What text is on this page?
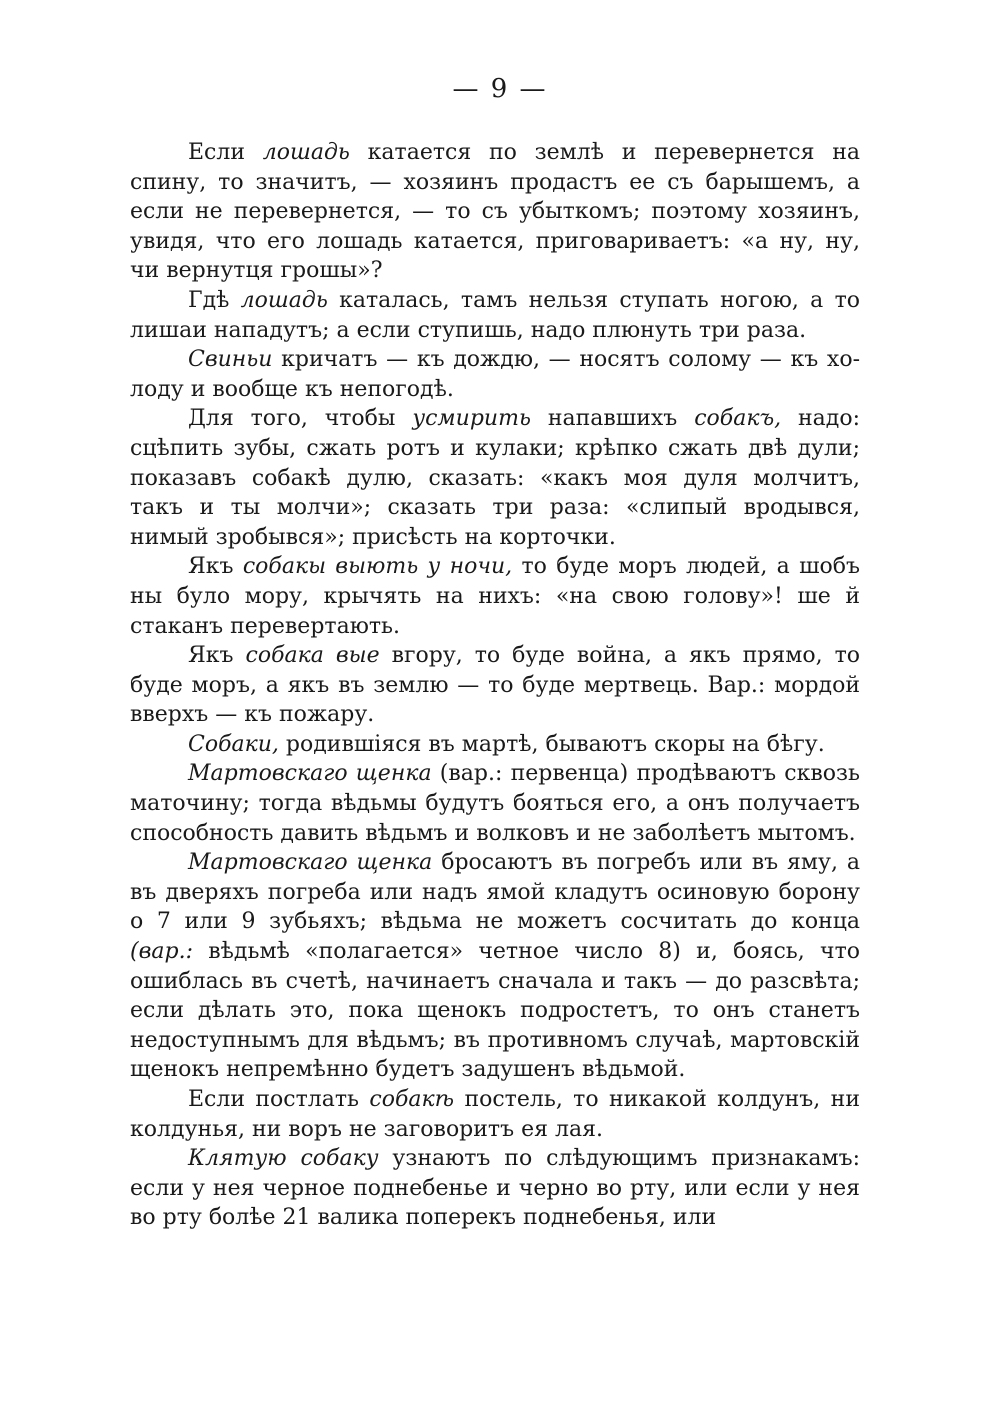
— 9 —

Если лошадь катается по землѣ и перевернется на спину, то значитъ, — хозяинъ продастъ ее съ барышемъ, а если не перевернется, — то съ убыткомъ; поэтому хозяинъ, увидя, что его лошадь катается, приговариваетъ: «а ну, ну, чи вернутця грошы»?

Гдѣ лошадь каталась, тамъ нельзя ступать ногою, а то лишаи нападутъ; а если ступишь, надо плюнуть три раза.

Свиньи кричатъ — къ дождю, — носятъ солому — къ холоду и вообще къ непогодѣ.

Для того, чтобы усмирить напавшихъ собакъ, надо: сцѣпить зубы, сжать ротъ и кулаки; крѣпко сжать двѣ дули; показавъ собакѣ дулю, сказать: «какъ моя дуля молчитъ, такъ и ты молчи»; сказать три раза: «слипый вродывся, нимый зробывся»; присѣсть на корточки.

Якъ собакы выють у ночи, то буде моръ людей, а шобъ ны було мору, крычять на нихъ: «на свою голову»! ше й стаканъ перевертають.

Якъ собака вые вгору, то буде война, а якъ прямо, то буде моръ, а якъ въ землю — то буде мертвець. Вар.: мордой вверхъ — къ пожару.

Собаки, родившiяся въ мартѣ, бываютъ скоры на бѣгу.

Мартовскаго щенка (вар.: первенца) продѣваютъ сквозь маточину; тогда вѣдьмы будутъ бояться его, а онъ получаетъ способность давить вѣдьмъ и волковъ и не заболѣетъ мытомъ.

Мартовскаго щенка бросаютъ въ погребъ или въ яму, а въ дверяхъ погреба или надъ ямой кладутъ осиновую борону о 7 или 9 зубьяхъ; вѣдьма не можетъ сосчитать до конца (вар.: вѣдьмѣ «полагается» четное число 8) и, боясь, что ошиблась въ счетѣ, начинаетъ сначала и такъ — до разсвѣта; если дѣлать это, пока щенокъ подростетъ, то онъ станетъ недоступнымъ для вѣдьмъ; въ противномъ случаѣ, мартовскiй щенокъ непремѣнно будетъ задушенъ вѣдьмой.

Если постлать собакѣ постель, то никакой колдунъ, ни колдунья, ни воръ не заговоритъ ея лая.

Клятую собаку узнаютъ по слѣдующимъ признакамъ: если у нея черное поднебенье и черно во рту, или если у нея во рту болѣе 21 валика поперекъ поднебенья, или
